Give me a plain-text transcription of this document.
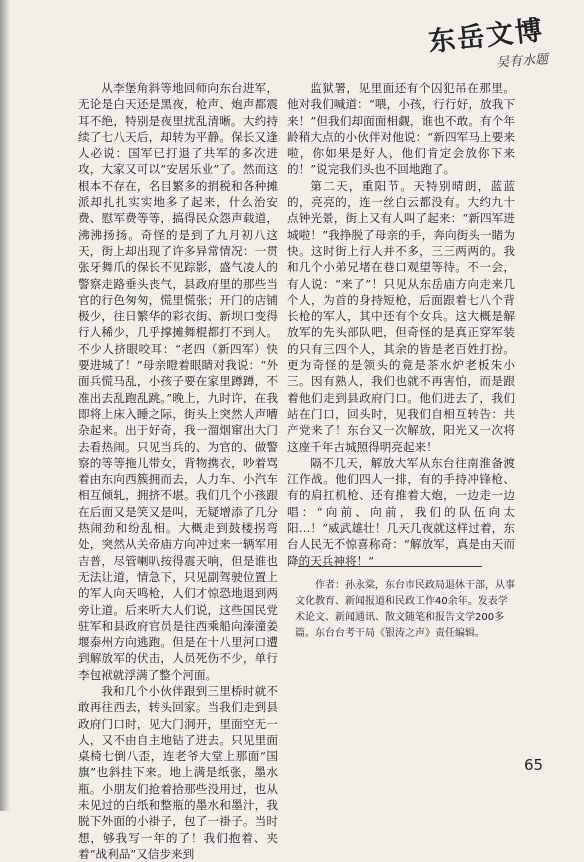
东岳文博
吴有水题

从李堡角斜等地回师向东台进军，无论是白天还是黑夜，枪声、炮声都震耳不绝，特别是夜里扰乱清晰。大约持续了七八天后，却转为平静。保长又逢人必说：国军已打退了共军的多次进攻，大家又可以“安居乐业”了。然而这根本不存在，名目繁多的捐税和各种摊派却扎扎实实地多了起来，什么治安费、慰军费等等，搞得民众怨声载道，沸沸扬扬。奇怪的是到了九月初八这天，街上却出现了许多异常情况：一贯张牙舞爪的保长不见踪影，盛气凌人的警察走路垂头丧气，县政府里的那些当官的行色匆匆，慌里慌张；开门的店铺极少，往日繁华的彩衣街、新坝口变得行人稀少，几乎撑摊舞棍都打不到人。不少人挤眼咬耳：“老四（新四军）快要进城了！”母亲瞪着眼睛对我说：“外面兵慌马乱，小孩子要在家里蹲蹲，不准出去乱跑乱跳。”晚上，九时许，在我即将上床入睡之际，街头上突然人声嘈杂起来。出于好奇，我一溜烟窜出大门去看热闹。只见当兵的、为官的、做警察的等等拖儿带女，背物携衣，吵着骂着由东向西簇拥而去，人力车、小汽车相互倾轧，拥挤不堪。我们几个小孩跟在后面又是笑又是叫，无疑增添了几分热闹劲和纷乱相。大概走到鼓楼拐弯处，突然从关帝庙方向冲过来一辆军用吉普，尽管喇叭按得震天响，但是谁也无法让道，情急下，只见副驾驶位置上的军人向天鸣枪，人们才惊恐地退到两旁让道。后来听大人们说，这些国民党驻军和县政府官员是往西乘船向溱潼姜堰泰州方向逃跑。但是在十八里河口遭到解放军的伏击，人员死伤不少，单行李包袱就浮满了整个河面。

我和几个小伙伴跟到三里桥时就不敢再往西去，转头回家。当我们走到县政府门口时，见大门洞开，里面空无一人，又不由自主地钻了进去。只见里面桌椅七倒八歪，连老爷大堂上那面“国旗”也斜挂下来。地上满是纸张，墨水瓶。小朋友们抢着拾那些没用过，也从未见过的白纸和整瓶的墨水和墨汁，我脱下外面的小褂子，包了一褂子。当时想，够我写一年的了！我们抱着、夹着“战利品”又信步来到

监狱署，见里面还有个囚犯吊在那里。他对我们喊道：“喂，小孩，行行好，放我下来！”但我们却面面相觑，谁也不敢。有个年龄稍大点的小伙伴对他说：“新四军马上要来啦，你如果是好人，他们肯定会放你下来的！”说完我们头也不回地跑了。

第二天，重阳节。天特别晴朗，蓝蓝的，亮亮的，连一丝白云都没有。大约九十点钟光景，街上又有人叫了起来：“新四军进城啦！”我挣脱了母亲的手，奔向街头一睹为快。这时街上行人并不多，三三两两的。我和几个小弟兄堵在巷口观望等待。不一会，有人说：“来了”！只见从东岳庙方向走来几个人，为首的身持短枪，后面跟着七八个背长枪的军人，其中还有个女兵。这大概是解放军的先头部队吧，但奇怪的是真正穿军装的只有三四个人，其余的皆是老百姓打扮。更为奇怪的是领头的竟是茶水炉老板朱小三。因有熟人，我们也就不再害怕，而是跟着他们走到县政府门口。他们进去了，我们站在门口，回头时，见我们自相互转告：共产党来了！东台又一次解放，阳光又一次将这座千年古城照得明亮起来！

隔不几天，解放大军从东台往南淮备渡江作战。他们四人一排，有的手持冲锋枪、有的肩扛机枪、还有推着大炮，一边走一边唱：“向前、向前，我们的队伍向太阳…！”威武雄壮！几天几夜就这样过着，东台人民无不惊喜称奇：“解放军，真是由天而降的天兵神将！”

作者：孙永棠，东台市民政局退休干部，从事文化教育、新闻报道和民政工作40余年。发表学术论文、新闻通讯、散文随笔和报告文学200多篇。东台台考干局《银涛之声》责任编辑。

65
